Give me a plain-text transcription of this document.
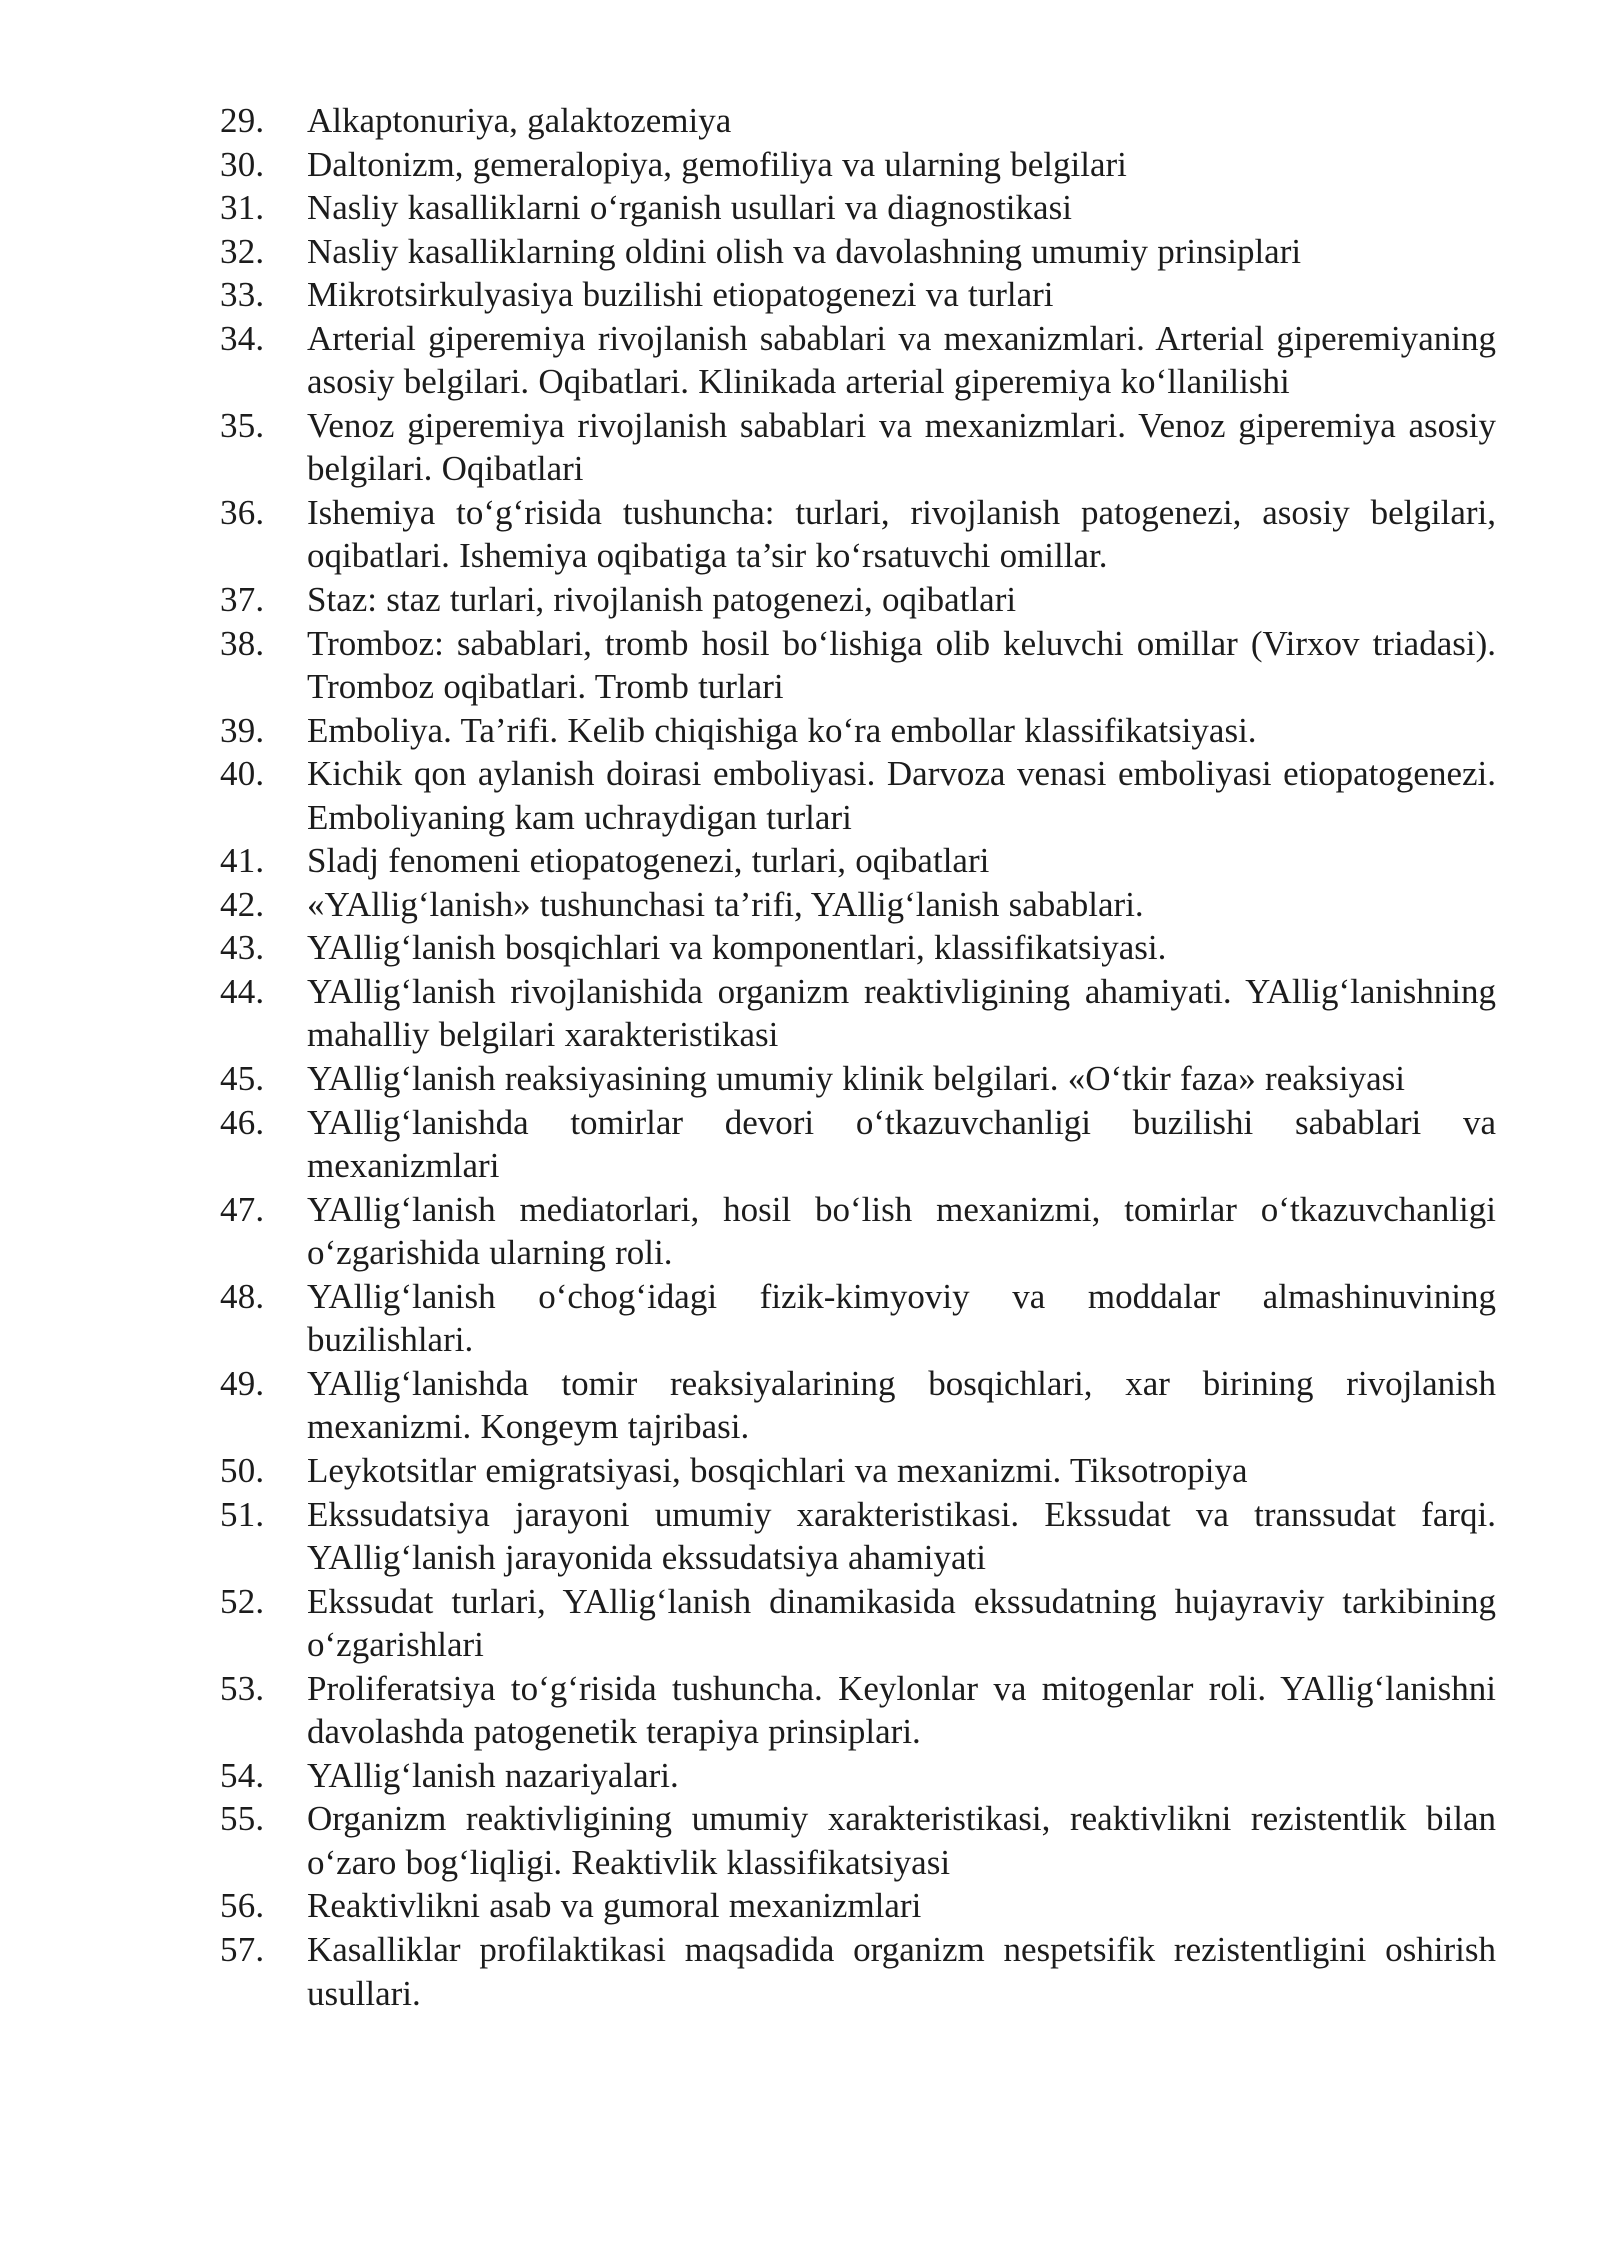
29.	Alkaptonuriya, galaktozemiya
30.	Daltonizm, gemeralopiya, gemofiliya va ularning belgilari
31.	Nasliy kasalliklarni o‘rganish usullari va diagnostikasi
32.	Nasliy kasalliklarning oldini olish va davolashning umumiy prinsiplari
33.	Mikrotsirkulyasiya buzilishi etiopatogenezi va turlari
34.	Arterial giperemiya rivojlanish sabablari va mexanizmlari. Arterial giperemiyaning asosiy belgilari. Oqibatlari. Klinikada arterial giperemiya ko‘llanilishi
35.	Venoz giperemiya rivojlanish sabablari va mexanizmlari. Venoz giperemiya asosiy belgilari. Oqibatlari
36.	Ishemiya to‘g‘risida tushuncha: turlari, rivojlanish patogenezi, asosiy belgilari, oqibatlari. Ishemiya oqibatiga ta’sir ko‘rsatuvchi omillar.
37.	Staz: staz turlari, rivojlanish patogenezi, oqibatlari
38.	Tromboz: sabablari, tromb hosil bo‘lishiga olib keluvchi omillar (Virxov triadasi). Tromboz oqibatlari. Tromb turlari
39.	Emboliya. Ta’rifi. Kelib chiqishiga ko‘ra embollar klassifikatsiyasi.
40.	Kichik qon aylanish doirasi emboliyasi. Darvoza venasi emboliyasi etiopatogenezi. Emboliyaning kam uchraydigan turlari
41.	Sladj fenomeni etiopatogenezi, turlari, oqibatlari
42.	«YAllig‘lanish» tushunchasi ta’rifi, YAllig‘lanish sabablari.
43.	YAllig‘lanish bosqichlari va komponentlari, klassifikatsiyasi.
44.	YAllig‘lanish rivojlanishida organizm reaktivligining ahamiyati. YAllig‘lanishning mahalliy belgilari xarakteristikasi
45.	YAllig‘lanish reaksiyasining umumiy klinik belgilari. «O‘tkir faza» reaksiyasi
46.	YAllig‘lanishda tomirlar devori o‘tkazuvchanligi buzilishi sabablari va mexanizmlari
47.	YAllig‘lanish mediatorlari, hosil bo‘lish mexanizmi, tomirlar o‘tkazuvchanligi o‘zgarishida ularning roli.
48.	YAllig‘lanish o‘chog‘idagi fizik-kimyoviy va moddalar almashinuvining buzilishlari.
49.	YAllig‘lanishda tomir reaksiyalarining bosqichlari, xar birining rivojlanish mexanizmi. Kongeym tajribasi.
50.	Leykotsitlar emigratsiyasi, bosqichlari va mexanizmi. Tiksotropiya
51.	Ekssudatsiya jarayoni umumiy xarakteristikasi. Ekssudat va transsudat farqi. YAllig‘lanish jarayonida ekssudatsiya ahamiyati
52.	Ekssudat turlari, YAllig‘lanish dinamikasida ekssudatning hujayraviy tarkibining o‘zgarishlari
53.	Proliferatsiya to‘g‘risida tushuncha. Keylonlar va mitogenlar roli. YAllig‘lanishni davolashda patogenetik terapiya prinsiplari.
54.	YAllig‘lanish nazariyalari.
55.	Organizm reaktivligining umumiy xarakteristikasi, reaktivlikni rezistentlik bilan o‘zaro bog‘liqligi. Reaktivlik klassifikatsiyasi
56.	Reaktivlikni asab va gumoral mexanizmlari
57.	Kasalliklar profilaktikasi maqsadida organizm nespetsifik rezistentligini oshirish usullari.
